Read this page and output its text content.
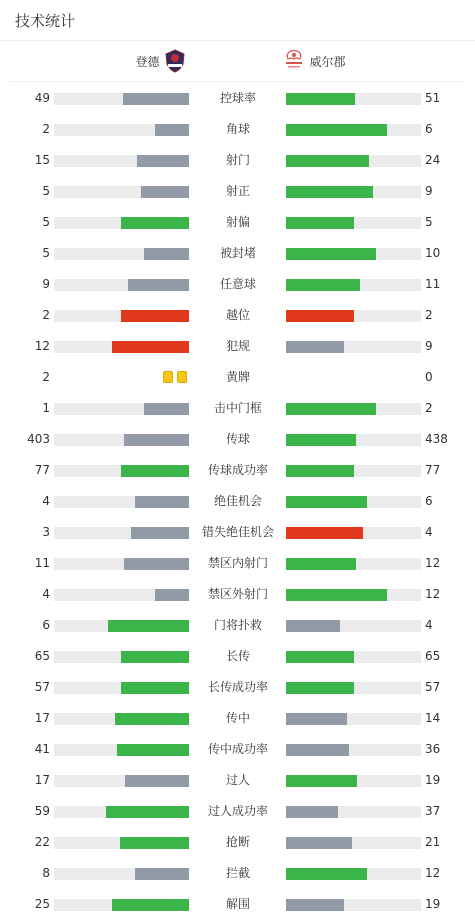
技术统计
登德	威尔郡
49	控球率	51
2	角球	6
15	射门	24
5	射正	9
5	射偏	5
5	被封堵	10
9	任意球	11
2	越位	2
12	犯规	9
2	黄牌	0
1	击中门框	2
403	传球	438
77	传球成功率	77
4	绝佳机会	6
3	错失绝佳机会	4
11	禁区内射门	12
4	禁区外射门	12
6	门将扑救	4
65	长传	65
57	长传成功率	57
17	传中	14
41	传中成功率	36
17	过人	19
59	过人成功率	37
22	抢断	21
8	拦截	12
25	解围	19
